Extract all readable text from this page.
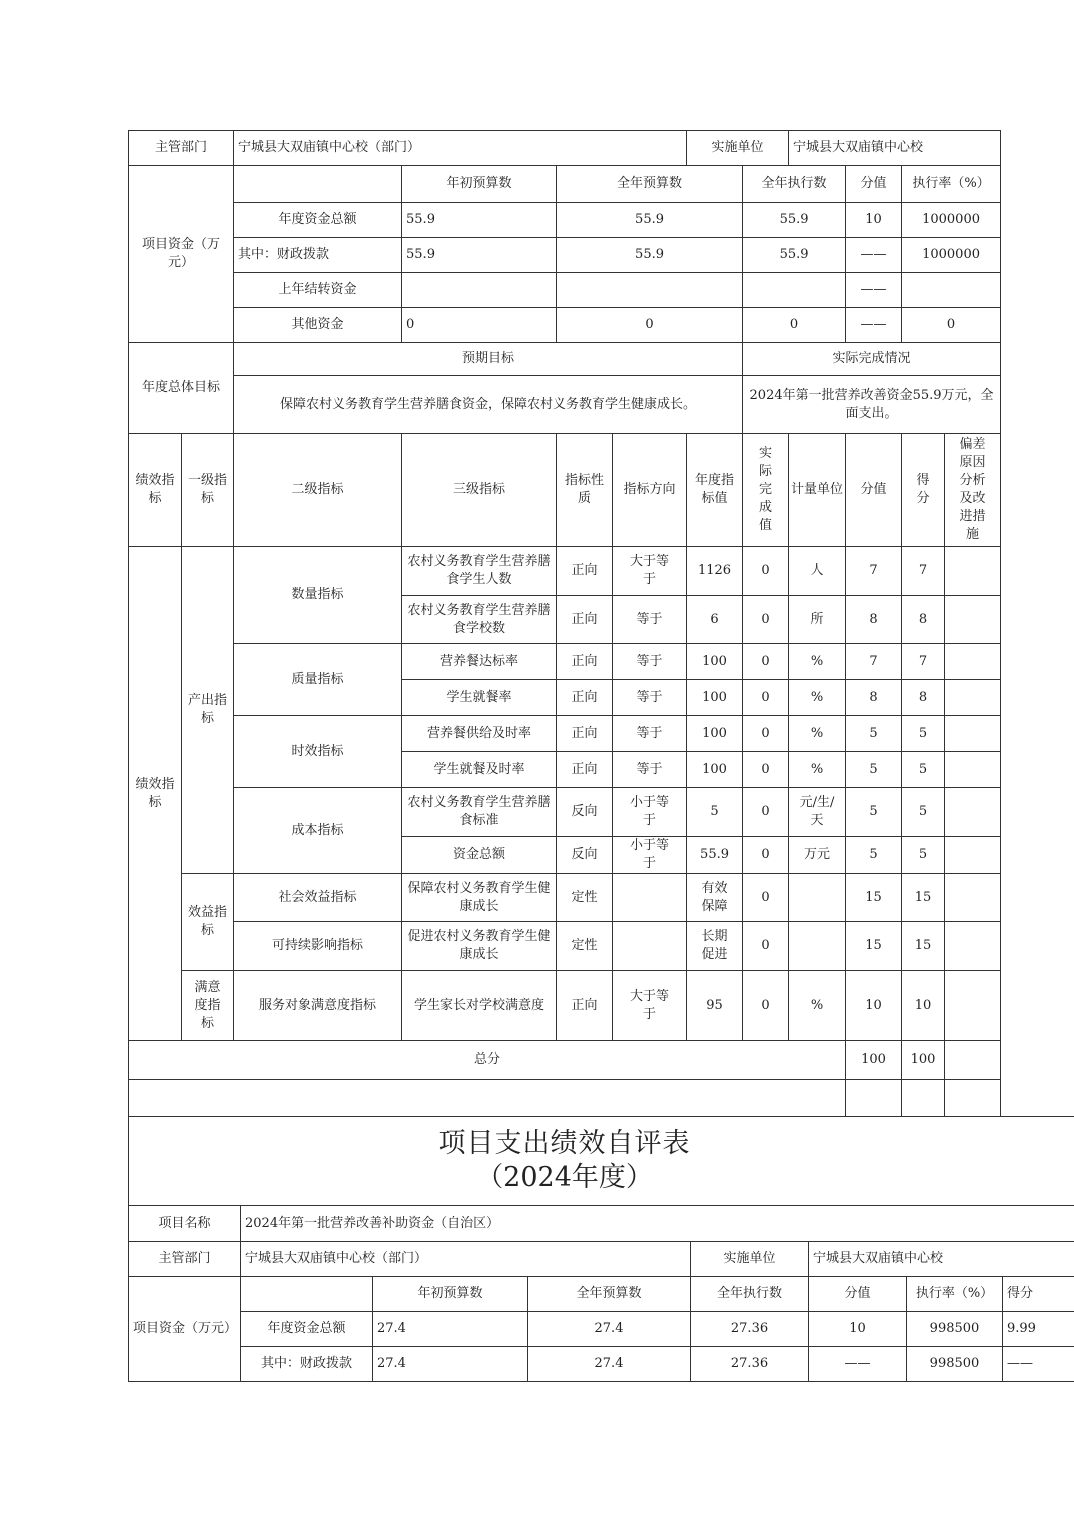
主管部门		宁城县大双庙镇中心校（部门）				实施单位		宁城县大双庙镇中心校				
项目资金（万元）			年初预算数	全年预算数			全年执行数		分值	执行率（%）	
		年度资金总额	55.9	55.9			55.9		10	1000000	
		其中：财政拨款	55.9	55.9			55.9		——	1000000	
		上年结转资金							——		
		其他资金	0	0			0		——	0	
年度总体目标		预期目标					实际完成情况					
		保障农村义务教育学生营养膳食资金，保障农村义务教育学生健康成长。					2024年第一批营养改善资金55.9万元，全面支出。					
绩效指标	一级指标	二级指标	三级指标	指标性质	指标方向	年度指标值	实际完成值	计量单位	分值	得分	偏差原因分析及改进措施	
绩效指标	产出指标	数量指标	农村义务教育学生营养膳食学生人数	正向	大于等于	1126	0	人	7	7		
			农村义务教育学生营养膳食学校数	正向	等于	6	0	所	8	8		
		质量指标	营养餐达标率	正向	等于	100	0	%	7	7		
			学生就餐率	正向	等于	100	0	%	8	8		
		时效指标	营养餐供给及时率	正向	等于	100	0	%	5	5		
			学生就餐及时率	正向	等于	100	0	%	5	5		
		成本指标	农村义务教育学生营养膳食标准	反向	小于等于	5	0	元/生/天	5	5		
			资金总额	反向	小于等于	55.9	0	万元	5	5		
	效益指标	社会效益指标	保障农村义务教育学生健康成长	定性		有效保障	0		15	15		
		可持续影响指标	促进农村义务教育学生健康成长	定性		长期促进	0		15	15		
	满意度指标	服务对象满意度指标	学生家长对学校满意度	正向	大于等于	95	0	%	10	10		
总分									100	100		

项目支出绩效自评表
（2024年度）							

项目名称	2024年第一批营养改善补助资金（自治区）						
主管部门	宁城县大双庙镇中心校（部门）			实施单位	宁城县大双庙镇中心校		
项目资金（万元）		年初预算数	全年预算数	全年执行数	分值	执行率（%）	得分
	年度资金总额	27.4	27.4	27.36	10	998500	9.99
	其中：财政拨款	27.4	27.4	27.36	——	998500	——
